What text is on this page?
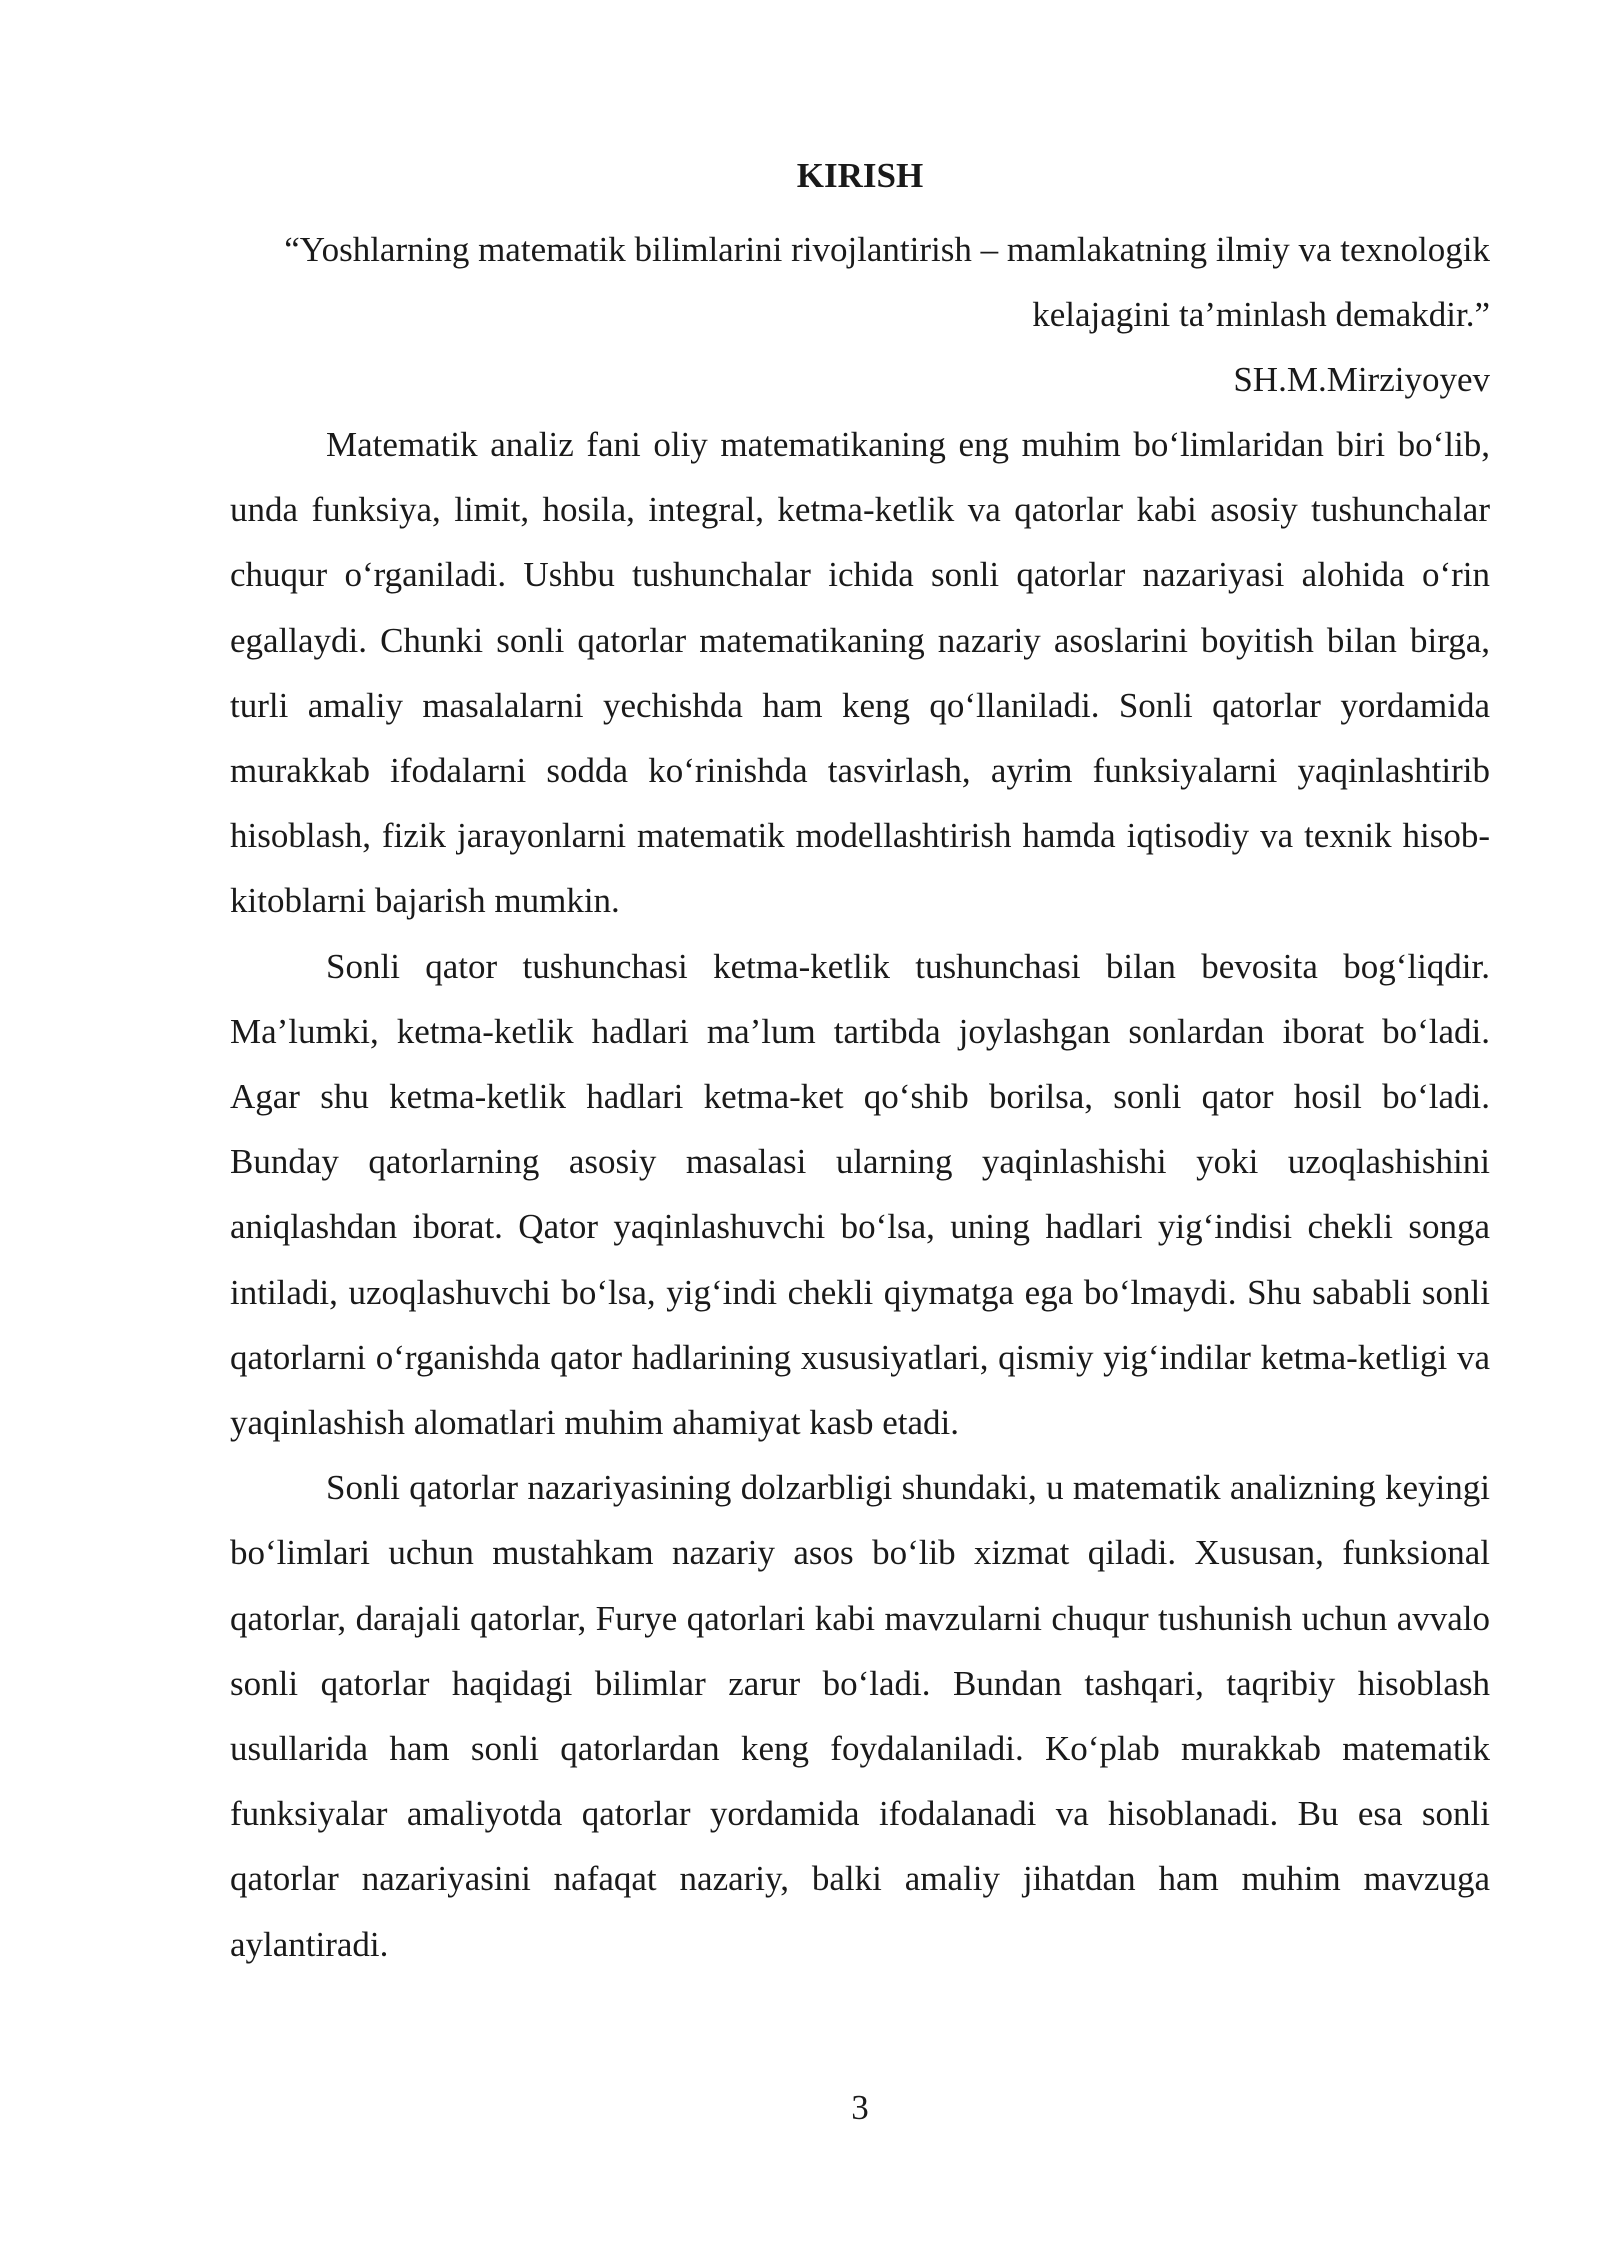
KIRISH

“Yoshlarning matematik bilimlarini rivojlantirish – mamlakatning ilmiy va texnologik kelajagini ta’minlash demakdir.”

SH.M.Mirziyoyev

Matematik analiz fani oliy matematikaning eng muhim bo‘limlaridan biri bo‘lib, unda funksiya, limit, hosila, integral, ketma-ketlik va qatorlar kabi asosiy tushunchalar chuqur o‘rganiladi. Ushbu tushunchalar ichida sonli qatorlar nazariyasi alohida o‘rin egallaydi. Chunki sonli qatorlar matematikaning nazariy asoslarini boyitish bilan birga, turli amaliy masalalarni yechishda ham keng qo‘llaniladi. Sonli qatorlar yordamida murakkab ifodalarni sodda ko‘rinishda tasvirlash, ayrim funksiyalarni yaqinlashtirib hisoblash, fizik jarayonlarni matematik modellashtirish hamda iqtisodiy va texnik hisob-kitoblarni bajarish mumkin.

Sonli qator tushunchasi ketma-ketlik tushunchasi bilan bevosita bog‘liqdir. Ma’lumki, ketma-ketlik hadlari ma’lum tartibda joylashgan sonlardan iborat bo‘ladi. Agar shu ketma-ketlik hadlari ketma-ket qo‘shib borilsa, sonli qator hosil bo‘ladi. Bunday qatorlarning asosiy masalasi ularning yaqinlashishi yoki uzoqlashishini aniqlashdan iborat. Qator yaqinlashuvchi bo‘lsa, uning hadlari yig‘indisi chekli songa intiladi, uzoqlashuvchi bo‘lsa, yig‘indi chekli qiymatga ega bo‘lmaydi. Shu sababli sonli qatorlarni o‘rganishda qator hadlarining xususiyatlari, qismiy yig‘indilar ketma-ketligi va yaqinlashish alomatlari muhim ahamiyat kasb etadi.

Sonli qatorlar nazariyasining dolzarbligi shundaki, u matematik analizning keyingi bo‘limlari uchun mustahkam nazariy asos bo‘lib xizmat qiladi. Xususan, funksional qatorlar, darajali qatorlar, Furye qatorlari kabi mavzularni chuqur tushunish uchun avvalo sonli qatorlar haqidagi bilimlar zarur bo‘ladi. Bundan tashqari, taqribiy hisoblash usullarida ham sonli qatorlardan keng foydalaniladi. Ko‘plab murakkab matematik funksiyalar amaliyotda qatorlar yordamida ifodalanadi va hisoblanadi. Bu esa sonli qatorlar nazariyasini nafaqat nazariy, balki amaliy jihatdan ham muhim mavzuga aylantiradi.

3
